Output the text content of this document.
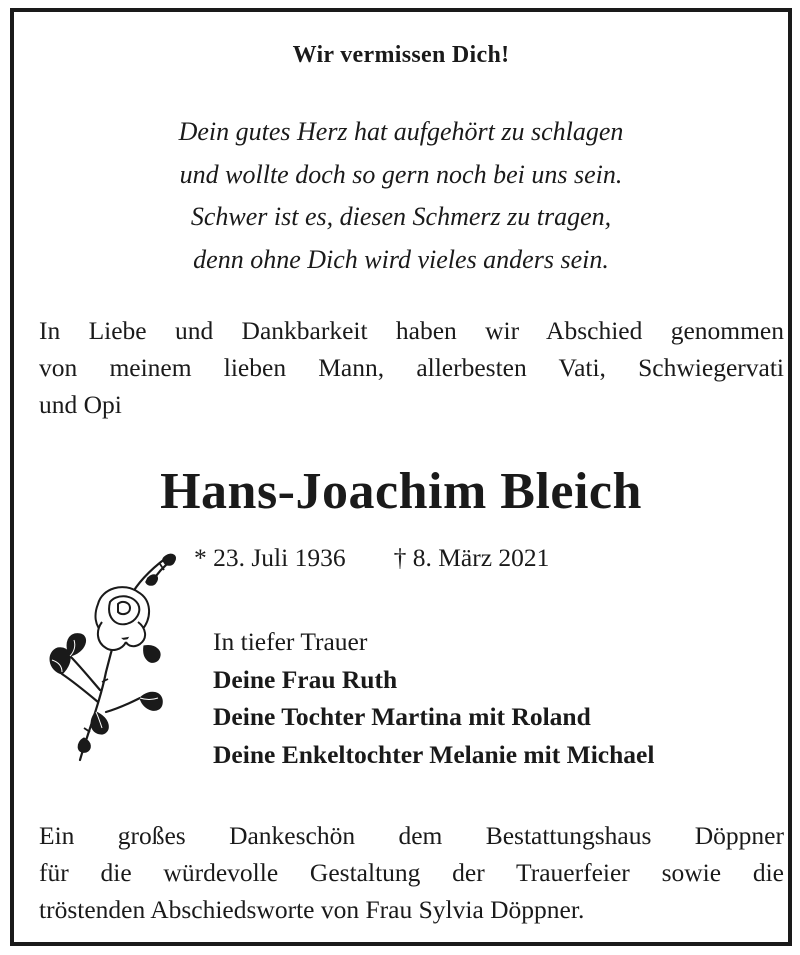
Wir vermissen Dich!
Dein gutes Herz hat aufgehört zu schlagen
und wollte doch so gern noch bei uns sein.
Schwer ist es, diesen Schmerz zu tragen,
denn ohne Dich wird vieles anders sein.
In Liebe und Dankbarkeit haben wir Abschied genommen
von meinem lieben Mann, allerbesten Vati, Schwiegervati
und Opi
Hans-Joachim Bleich
* 23. Juli 1936 † 8. März 2021
In tiefer Trauer
Deine Frau Ruth
Deine Tochter Martina mit Roland
Deine Enkeltochter Melanie mit Michael
Ein großes Dankeschön dem Bestattungshaus Döppner
für die würdevolle Gestaltung der Trauerfeier sowie die
tröstenden Abschiedsworte von Frau Sylvia Döppner.
